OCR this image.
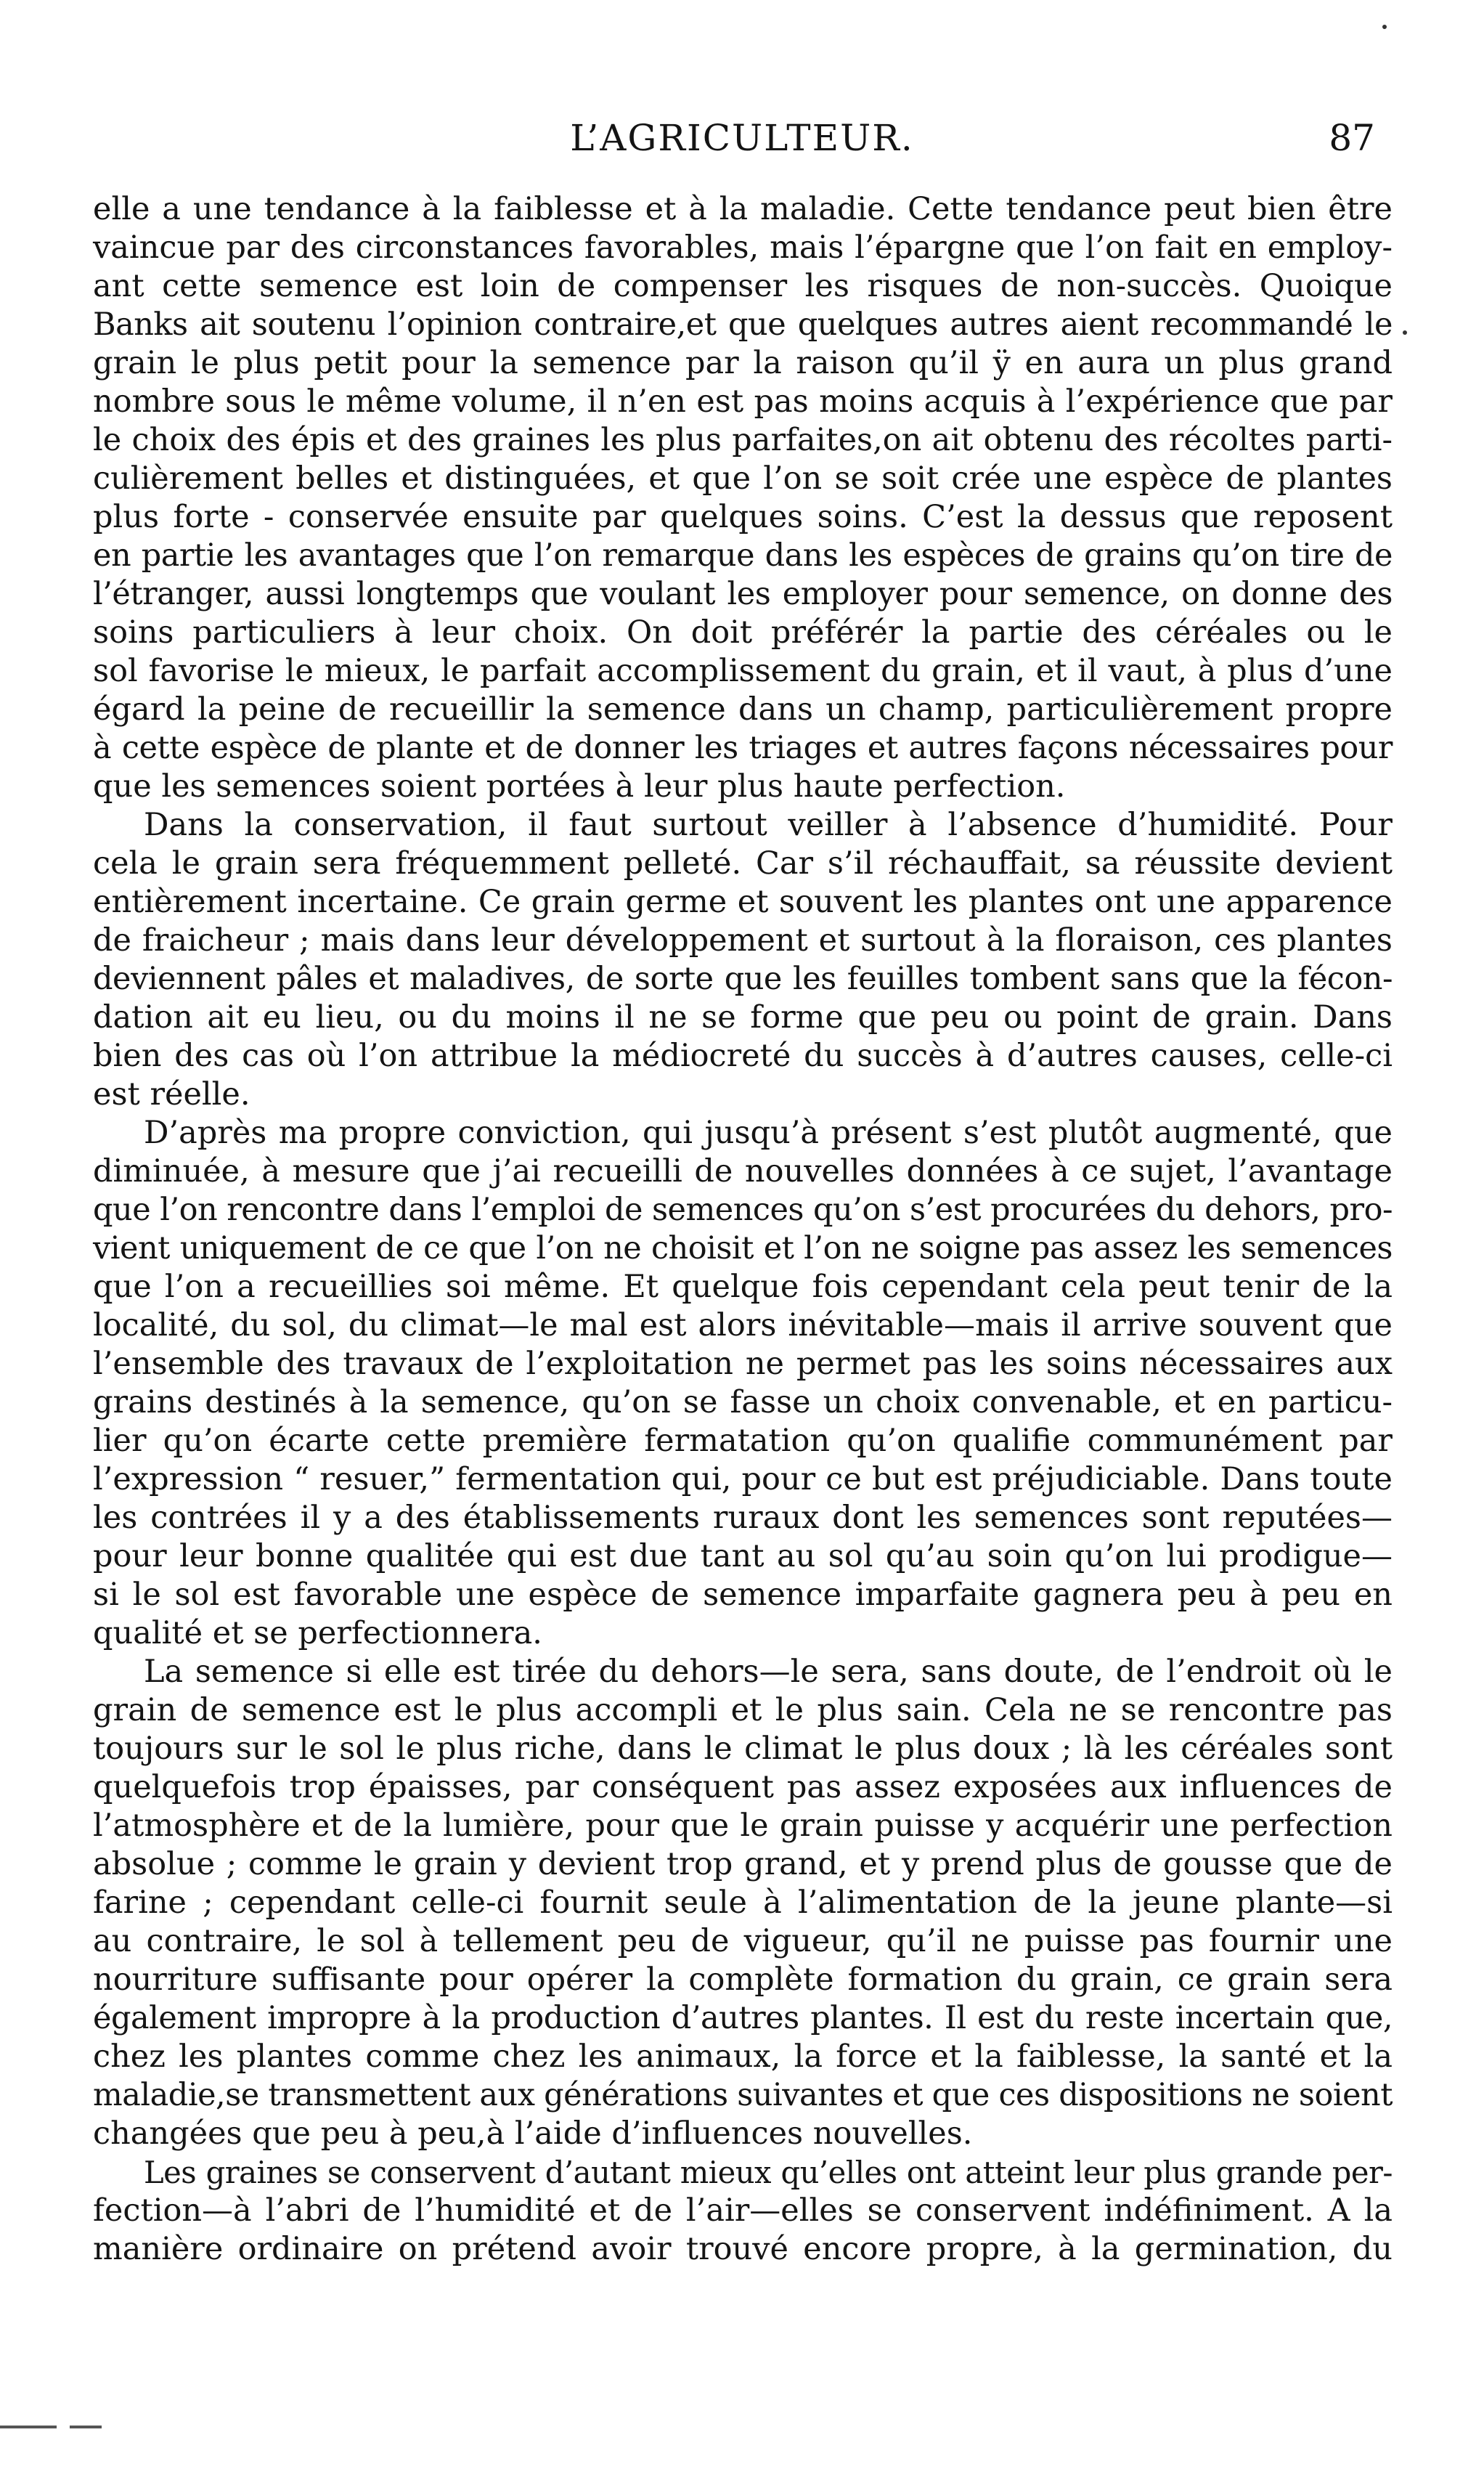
L’AGRICULTEUR.	87

elle a une tendance à la faiblesse et à la maladie. Cette tendance peut bien être
vaincue par des circonstances favorables, mais l’épargne que l’on fait en employ-
ant cette semence est loin de compenser les risques de non-succès. Quoique
Banks ait soutenu l’opinion contraire,et que quelques autres aient recommandé le
grain le plus petit pour la semence par la raison qu’il ÿ en aura un plus grand
nombre sous le même volume, il n’en est pas moins acquis à l’expérience que par
le choix des épis et des graines les plus parfaites,on ait obtenu des récoltes parti-
culièrement belles et distinguées, et que l’on se soit crée une espèce de plantes
plus forte - conservée ensuite par quelques soins. C’est la dessus que reposent
en partie les avantages que l’on remarque dans les espèces de grains qu’on tire de
l’étranger, aussi longtemps que voulant les employer pour semence, on donne des
soins particuliers à leur choix. On doit préférér la partie des céréales ou le
sol favorise le mieux, le parfait accomplissement du grain, et il vaut, à plus d’une
égard la peine de recueillir la semence dans un champ, particulièrement propre
à cette espèce de plante et de donner les triages et autres façons nécessaires pour
que les semences soient portées à leur plus haute perfection.

Dans la conservation, il faut surtout veiller à l’absence d’humidité. Pour
cela le grain sera fréquemment pelleté. Car s’il réchauffait, sa réussite devient
entièrement incertaine. Ce grain germe et souvent les plantes ont une apparence
de fraicheur ; mais dans leur développement et surtout à la floraison, ces plantes
deviennent pâles et maladives, de sorte que les feuilles tombent sans que la fécon-
dation ait eu lieu, ou du moins il ne se forme que peu ou point de grain. Dans
bien des cas où l’on attribue la médiocreté du succès à d’autres causes, celle-ci
est réelle.

D’après ma propre conviction, qui jusqu’à présent s’est plutôt augmenté, que
diminuée, à mesure que j’ai recueilli de nouvelles données à ce sujet, l’avantage
que l’on rencontre dans l’emploi de semences qu’on s’est procurées du dehors, pro-
vient uniquement de ce que l’on ne choisit et l’on ne soigne pas assez les semences
que l’on a recueillies soi même. Et quelque fois cependant cela peut tenir de la
localité, du sol, du climat—le mal est alors inévitable—mais il arrive souvent que
l’ensemble des travaux de l’exploitation ne permet pas les soins nécessaires aux
grains destinés à la semence, qu’on se fasse un choix convenable, et en particu-
lier qu’on écarte cette première fermatation qu’on qualifie communément par
l’expression “ resuer,” fermentation qui, pour ce but est préjudiciable. Dans toute
les contrées il y a des établissements ruraux dont les semences sont reputées—
pour leur bonne qualitée qui est due tant au sol qu’au soin qu’on lui prodigue—
si le sol est favorable une espèce de semence imparfaite gagnera peu à peu en
qualité et se perfectionnera.

La semence si elle est tirée du dehors—le sera, sans doute, de l’endroit où le
grain de semence est le plus accompli et le plus sain. Cela ne se rencontre pas
toujours sur le sol le plus riche, dans le climat le plus doux ; là les céréales sont
quelquefois trop épaisses, par conséquent pas assez exposées aux influences de
l’atmosphère et de la lumière, pour que le grain puisse y acquérir une perfection
absolue ; comme le grain y devient trop grand, et y prend plus de gousse que de
farine ; cependant celle-ci fournit seule à l’alimentation de la jeune plante—si
au contraire, le sol à tellement peu de vigueur, qu’il ne puisse pas fournir une
nourriture suffisante pour opérer la complète formation du grain, ce grain sera
également impropre à la production d’autres plantes. Il est du reste incertain que,
chez les plantes comme chez les animaux, la force et la faiblesse, la santé et la
maladie,se transmettent aux générations suivantes et que ces dispositions ne soient
changées que peu à peu,à l’aide d’influences nouvelles.

Les graines se conservent d’autant mieux qu’elles ont atteint leur plus grande per-
fection—à l’abri de l’humidité et de l’air—elles se conservent indéfiniment. A la
manière ordinaire on prétend avoir trouvé encore propre, à la germination, du
